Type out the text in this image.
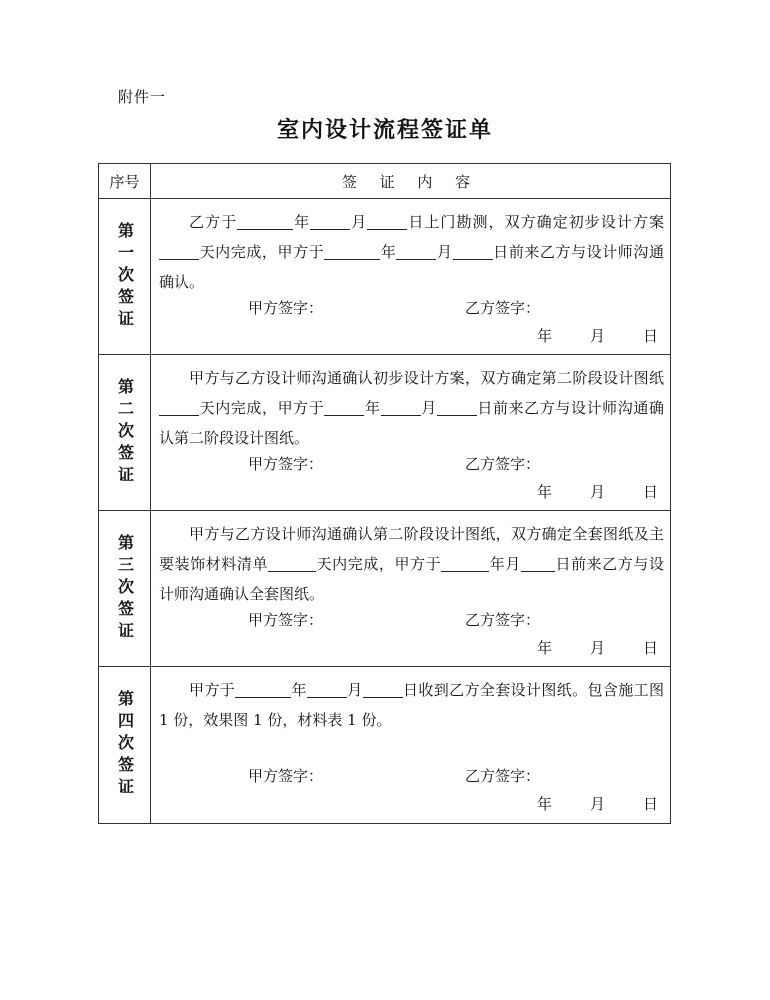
附件一
室内设计流程签证单
序号	签 证 内 容

第一次签证	乙方于 年 月 日上门勘测，双方确定初步设计方案天内完成，甲方于 年 月 日前来乙方与设计师沟通确认。

甲方签字： 乙方签字：
年 月 日

第二次签证	甲方与乙方设计师沟通确认初步设计方案，双方确定第二阶段设计图纸天内完成，甲方于 年 月 日前来乙方与设计师沟通确认第二阶段设计图纸。

甲方签字： 乙方签字：
年 月 日

第三次签证	甲方与乙方设计师沟通确认第二阶段设计图纸，双方确定全套图纸及主要装饰材料清单 天内完成，甲方于 年月 日前来乙方与设计师沟通确认全套图纸。

甲方签字： 乙方签字：
年 月 日

第四次签证	甲方于 年 月 日收到乙方全套设计图纸。包含施工图 1 份，效果图 1 份，材料表 1 份。

甲方签字： 乙方签字：
年 月 日
